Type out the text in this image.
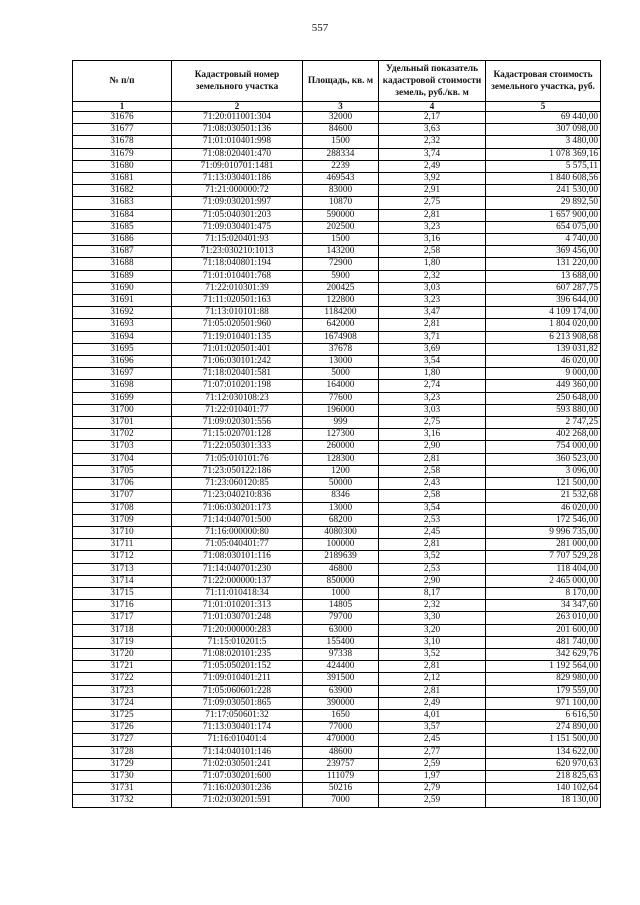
557
№ п/п	Кадастровый номер земельного участка	Площадь, кв. м	Удельный показатель кадастровой стоимости земель, руб./кв. м	Кадастровая стоимость земельного участка, руб.
1	2	3	4	5
31676	71:20:011001:304	32000	2,17	69 440,00
31677	71:08:030501:136	84600	3,63	307 098,00
31678	71:01:010401:998	1500	2,32	3 480,00
31679	71:08:020401:470	288334	3,74	1 078 369,16
31680	71:09:010701:1481	2239	2,49	5 575,11
31681	71:13:030401:186	469543	3,92	1 840 608,56
31682	71:21:000000:72	83000	2,91	241 530,00
31683	71:09:030201:997	10870	2,75	29 892,50
31684	71:05:040301:203	590000	2,81	1 657 900,00
31685	71:09:030401:475	202500	3,23	654 075,00
31686	71:15:020401:93	1500	3,16	4 740,00
31687	71:23:030210:1013	143200	2,58	369 456,00
31688	71:18:040801:194	72900	1,80	131 220,00
31689	71:01:010401:768	5900	2,32	13 688,00
31690	71:22:010301:39	200425	3,03	607 287,75
31691	71:11:020501:163	122800	3,23	396 644,00
31692	71:13:010101:88	1184200	3,47	4 109 174,00
31693	71:05:020501:960	642000	2,81	1 804 020,00
31694	71:19:010401:135	1674908	3,71	6 213 908,68
31695	71:01:020501:401	37678	3,69	139 031,82
31696	71:06:030101:242	13000	3,54	46 020,00
31697	71:18:020401:581	5000	1,80	9 000,00
31698	71:07:010201:198	164000	2,74	449 360,00
31699	71:12:030108:23	77600	3,23	250 648,00
31700	71:22:010401:77	196000	3,03	593 880,00
31701	71:09:020301:556	999	2,75	2 747,25
31702	71:15:020701:128	127300	3,16	402 268,00
31703	71:22:050301:333	260000	2,90	754 000,00
31704	71:05:010101:76	128300	2,81	360 523,00
31705	71:23:050122:186	1200	2,58	3 096,00
31706	71:23:060120:85	50000	2,43	121 500,00
31707	71:23:040210:836	8346	2,58	21 532,68
31708	71:06:030201:173	13000	3,54	46 020,00
31709	71:14:040701:500	68200	2,53	172 546,00
31710	71:16:000000:80	4080300	2,45	9 996 735,00
31711	71:05:040401:77	100000	2,81	281 000,00
31712	71:08:030101:116	2189639	3,52	7 707 529,28
31713	71:14:040701:230	46800	2,53	118 404,00
31714	71:22:000000:137	850000	2,90	2 465 000,00
31715	71:11:010418:34	1000	8,17	8 170,00
31716	71:01:010201:313	14805	2,32	34 347,60
31717	71:01:030701:248	79700	3,30	263 010,00
31718	71:20:000000:283	63000	3,20	201 600,00
31719	71:15:010201:5	155400	3,10	481 740,00
31720	71:08:020101:235	97338	3,52	342 629,76
31721	71:05:050201:152	424400	2,81	1 192 564,00
31722	71:09:010401:211	391500	2,12	829 980,00
31723	71:05:060601:228	63900	2,81	179 559,00
31724	71:09:030501:865	390000	2,49	971 100,00
31725	71:17:050601:32	1650	4,01	6 616,50
31726	71:13:030401:174	77000	3,57	274 890,00
31727	71:16:010401:4	470000	2,45	1 151 500,00
31728	71:14:040101:146	48600	2,77	134 622,00
31729	71:02:030501:241	239757	2,59	620 970,63
31730	71:07:030201:600	111079	1,97	218 825,63
31731	71:16:020301:236	50216	2,79	140 102,64
31732	71:02:030201:591	7000	2,59	18 130,00
